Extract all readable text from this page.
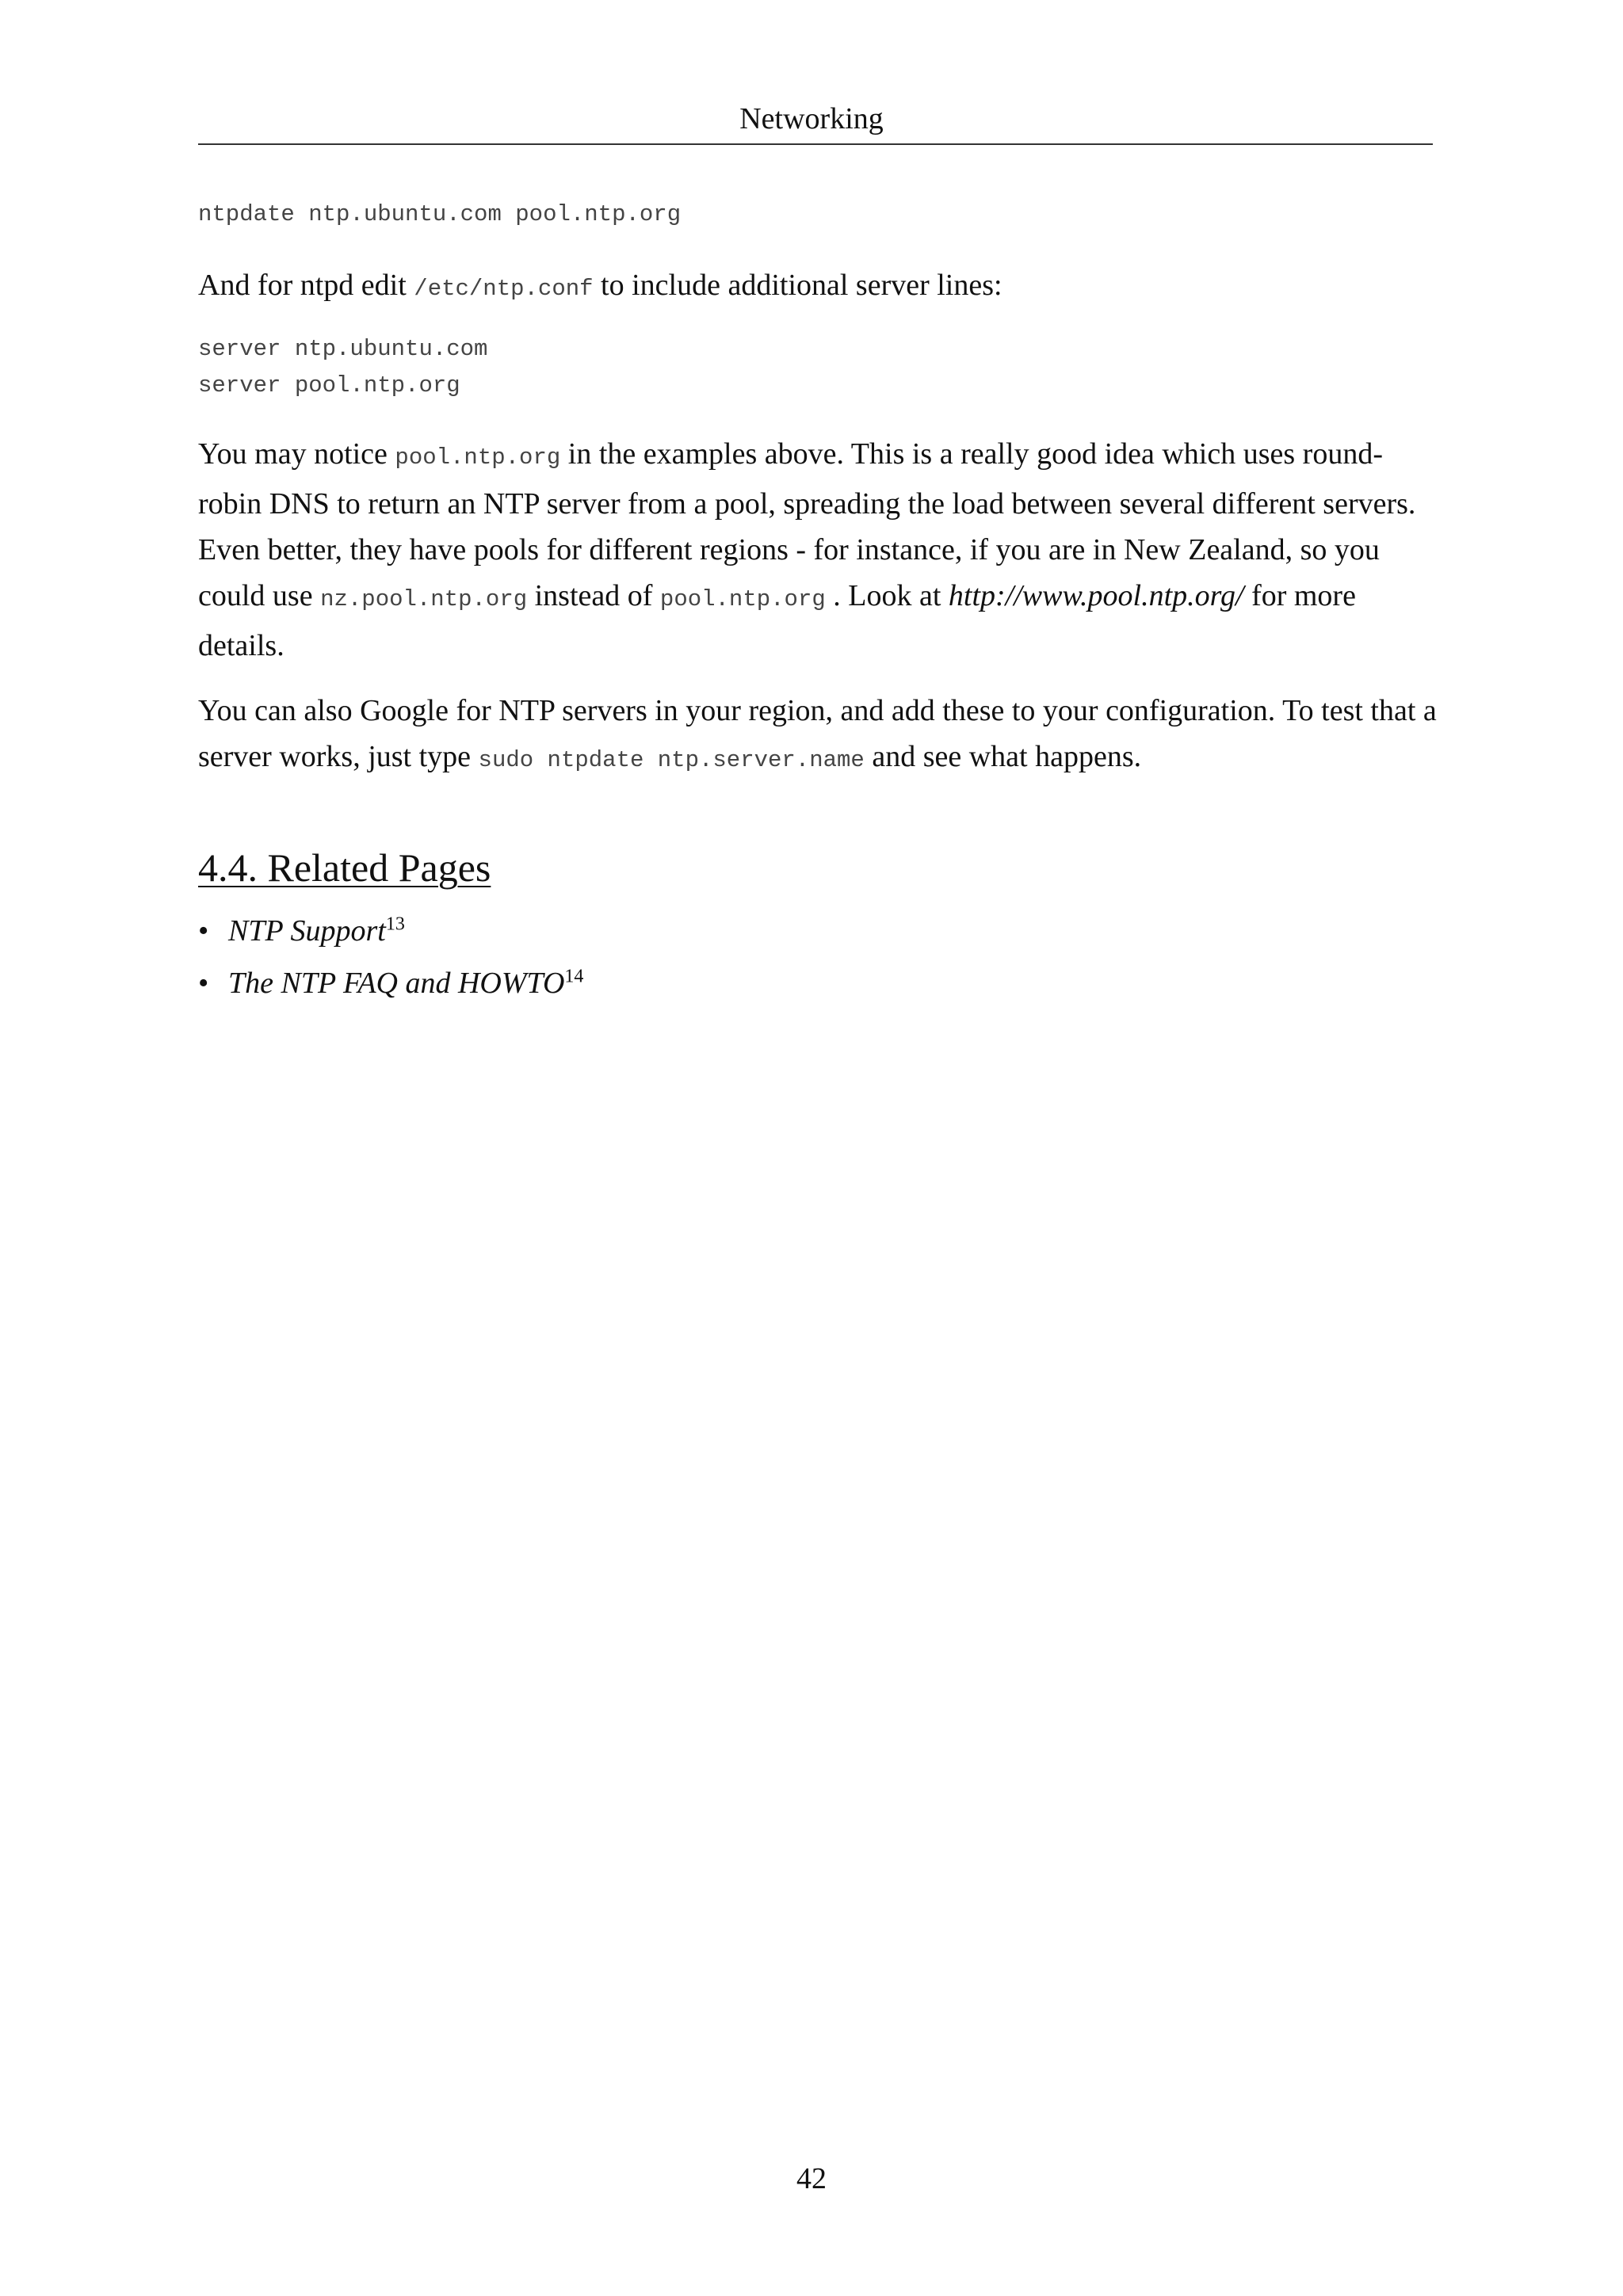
Networking
ntpdate ntp.ubuntu.com pool.ntp.org

And for ntpd edit /etc/ntp.conf to include additional server lines:

server ntp.ubuntu.com
server pool.ntp.org

You may notice pool.ntp.org in the examples above. This is a really good idea which uses round-robin DNS to return an NTP server from a pool, spreading the load between several different servers. Even better, they have pools for different regions - for instance, if you are in New Zealand, so you could use nz.pool.ntp.org instead of pool.ntp.org . Look at http://www.pool.ntp.org/ for more details.

You can also Google for NTP servers in your region, and add these to your configuration. To test that a server works, just type sudo ntpdate ntp.server.name and see what happens.

4.4. Related Pages
• NTP Support$^{13}$
• The NTP FAQ and HOWTO$^{14}$
42
